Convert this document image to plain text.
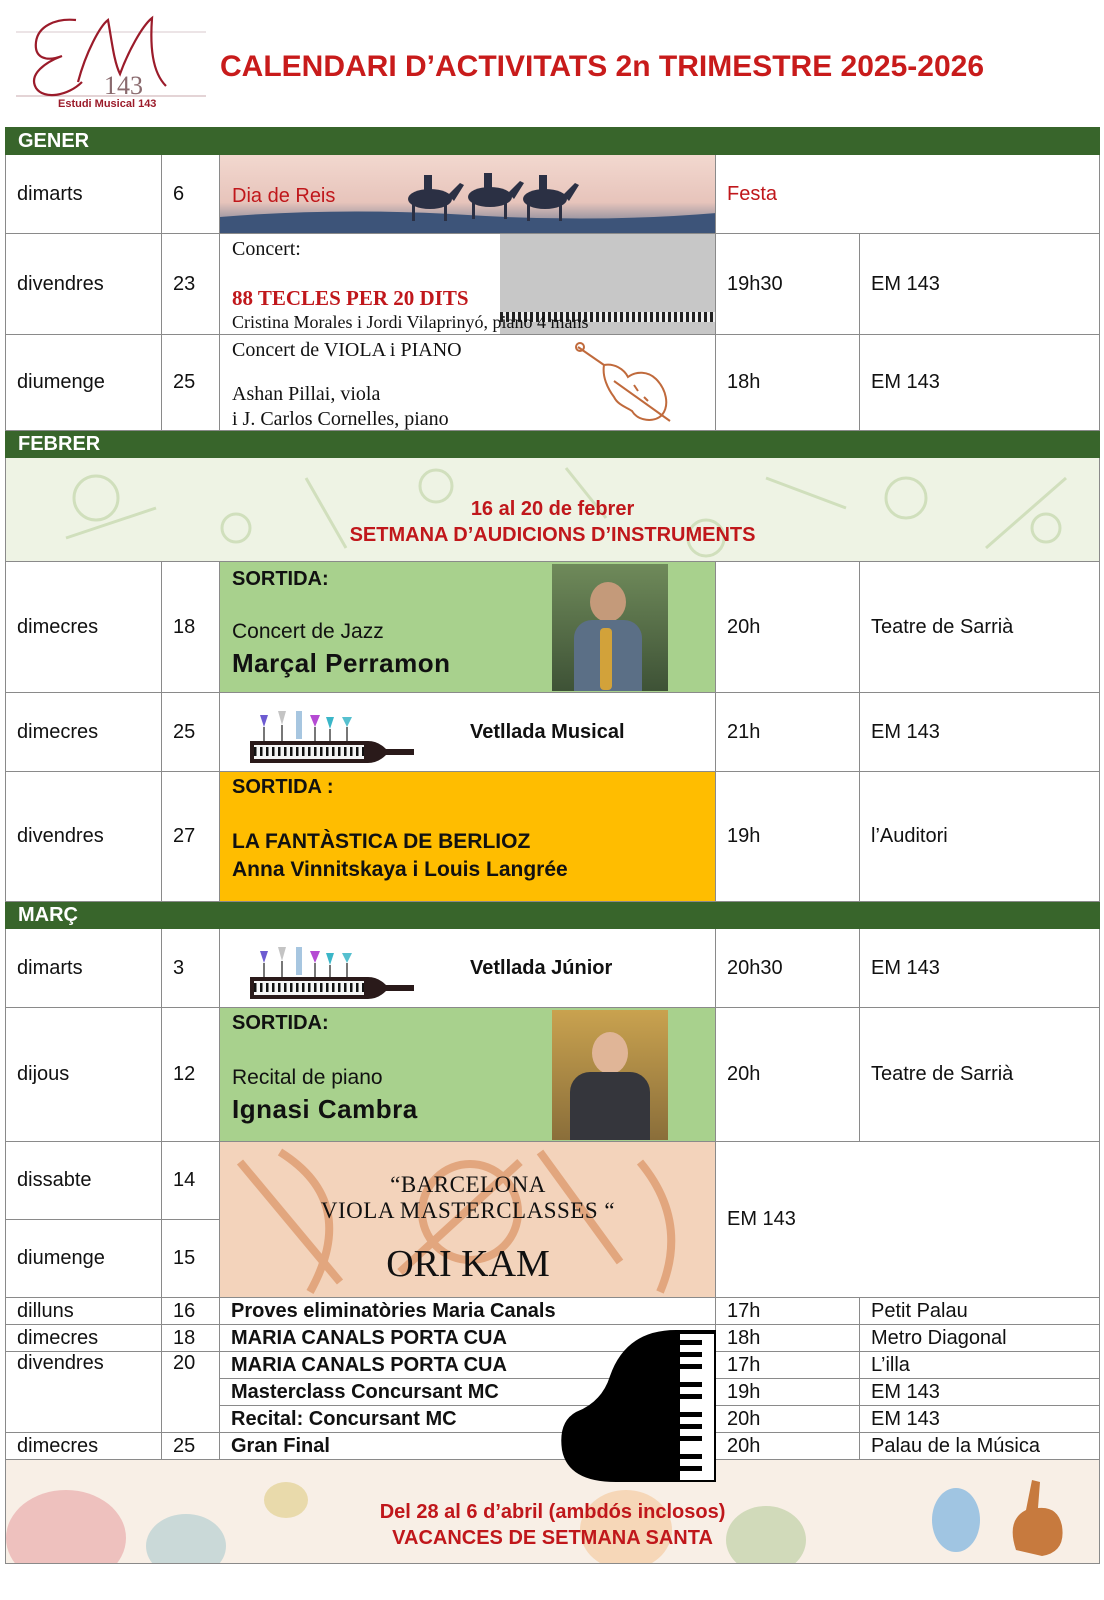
143
Estudi Musical 143
CALENDARI D’ACTIVITATS 2n TRIMESTRE 2025-2026
GENER				
dimarts	6	Dia de Reis	Festa	
divendres	23	Concert:
88 TECLES PER 20 DITS
Cristina Morales i Jordi Vilaprinyó, piano 4 mans	19h30	EM 143
diumenge	25	Concert de VIOLA i PIANO
Ashan Pillai, viola
i J. Carlos Cornelles, piano	18h	EM 143
FEBRER				

16 al 20 de febrer
SETMANA D’AUDICIONS D’INSTRUMENTS				

dimecres	18	SORTIDA:
Concert de Jazz
Marçal Perramon	20h	Teatre de Sarrià
dimecres	25	Vetllada Musical	21h	EM 143
divendres	27	SORTIDA :
LA FANTÀSTICA DE BERLIOZ
Anna Vinnitskaya i Louis Langrée	19h	l’Auditori
MARÇ				
dimarts	3	Vetllada Júnior	20h30	EM 143
dijous	12	SORTIDA:
Recital de piano
Ignasi Cambra	20h	Teatre de Sarrià
dissabte	14	“BARCELONA
VIOLA MASTERCLASSES “
ORI KAM	EM 143	
diumenge	15			
dilluns	16	Proves eliminatòries Maria Canals	17h	Petit Palau
dimecres	18	MARIA CANALS PORTA CUA	18h	Metro Diagonal
divendres	20	MARIA CANALS PORTA CUA	17h	L’illa
		Masterclass Concursant MC	19h	EM 143
		Recital: Concursant MC	20h	EM 143
dimecres	25	Gran Final	20h	Palau de la Música

Del 28 al 6 d’abril (ambdós inclosos)
VACANCES DE SETMANA SANTA				
